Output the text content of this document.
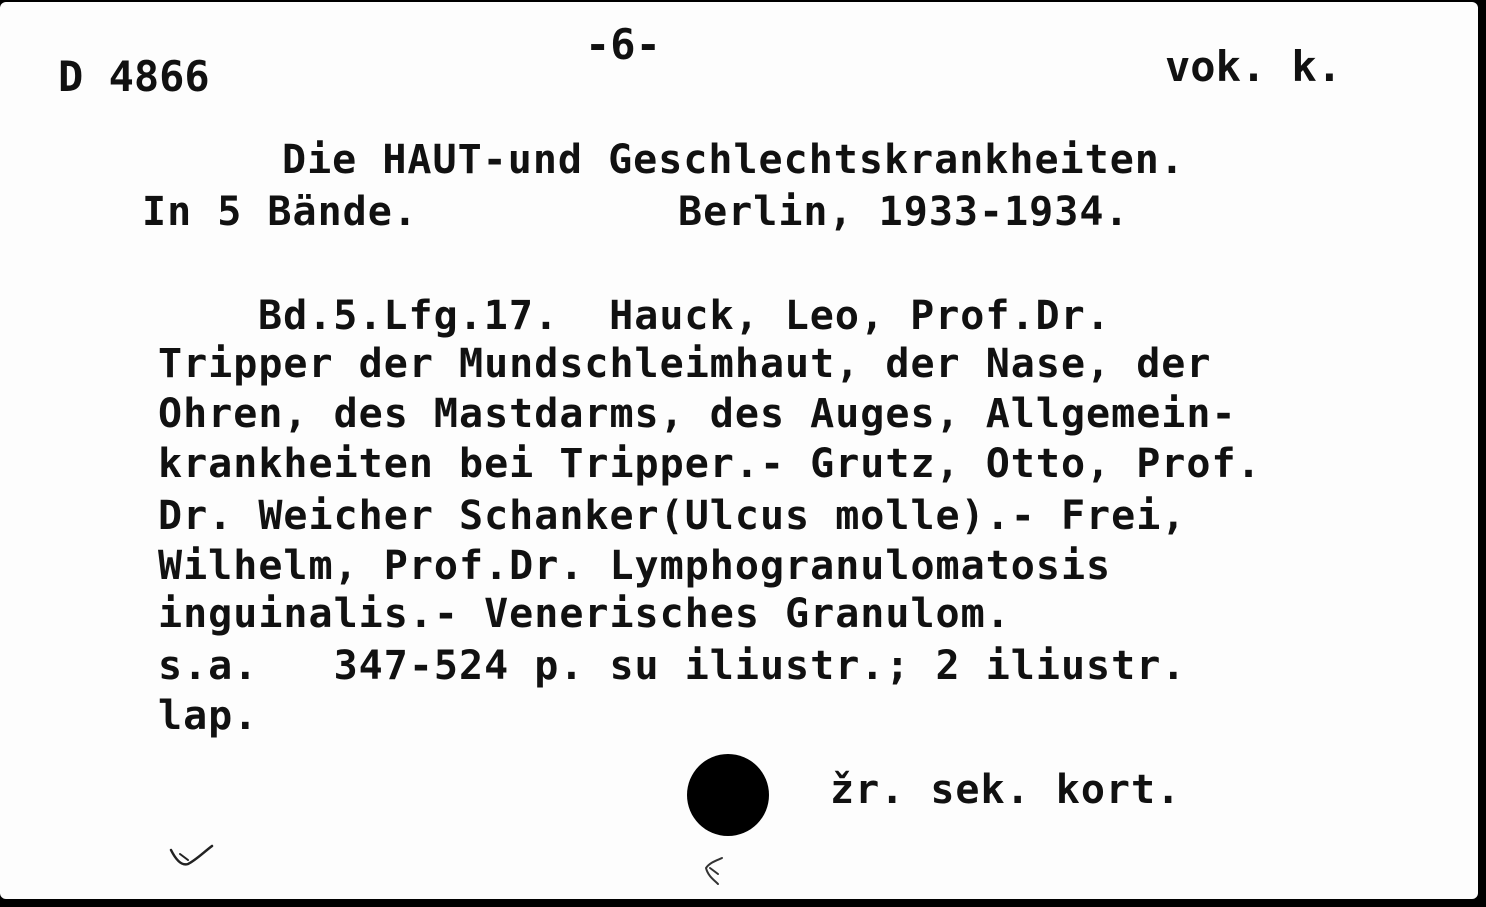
D 4866
-6-	vok. k.
Die HAUT-und Geschlechtskrankheiten.
In 5 Bände.	Berlin, 1933-1934.
Bd.5.Lfg.17.  Hauck, Leo, Prof.Dr.
Tripper der Mundschleimhaut, der Nase, der
Ohren, des Mastdarms, des Auges, Allgemein-
krankheiten bei Tripper.- Grutz, Otto, Prof.
Dr. Weicher Schanker(Ulcus molle).- Frei,
Wilhelm, Prof.Dr. Lymphogranulomatosis
inguinalis.- Venerisches Granulom.
s.a.   347-524 p. su iliustr.; 2 iliustr.
lap.
žr. sek. kort.
